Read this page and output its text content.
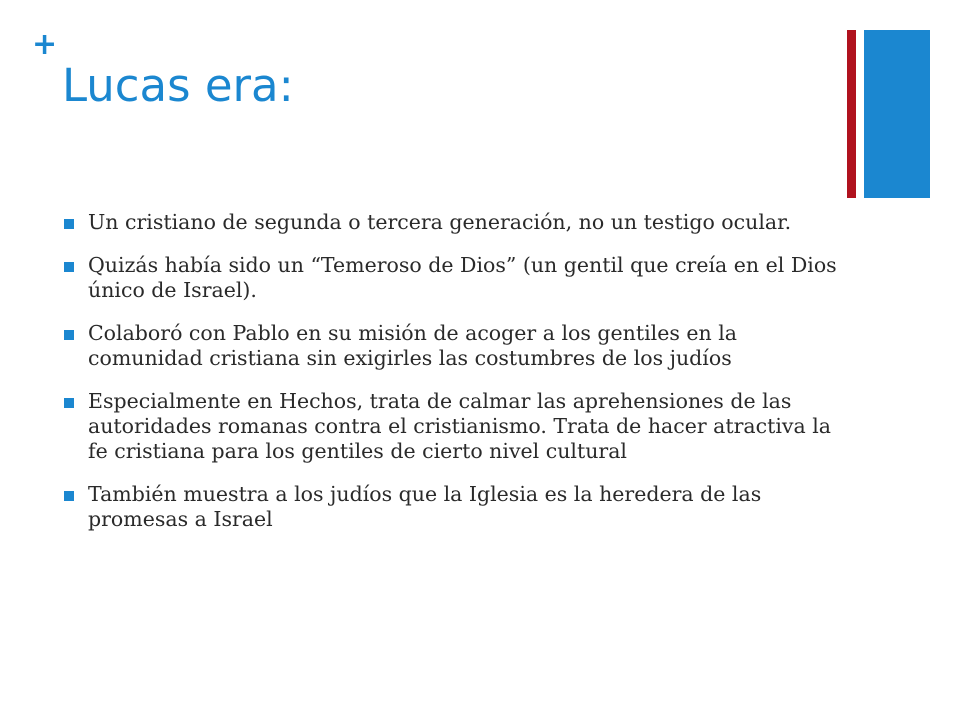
+
Lucas era:
Un cristiano de segunda o tercera generación, no un testigo ocular.
Quizás había sido un “Temeroso de Dios” (un gentil que creía en el Dios único de Israel).
Colaboró con Pablo en su misión de acoger a los gentiles en la comunidad cristiana sin exigirles las costumbres de los judíos
Especialmente en Hechos, trata de calmar las aprehensiones de las autoridades romanas contra el cristianismo. Trata de hacer atractiva la fe cristiana para los gentiles de cierto nivel cultural
También muestra a los judíos que la Iglesia es la heredera de las promesas a Israel
